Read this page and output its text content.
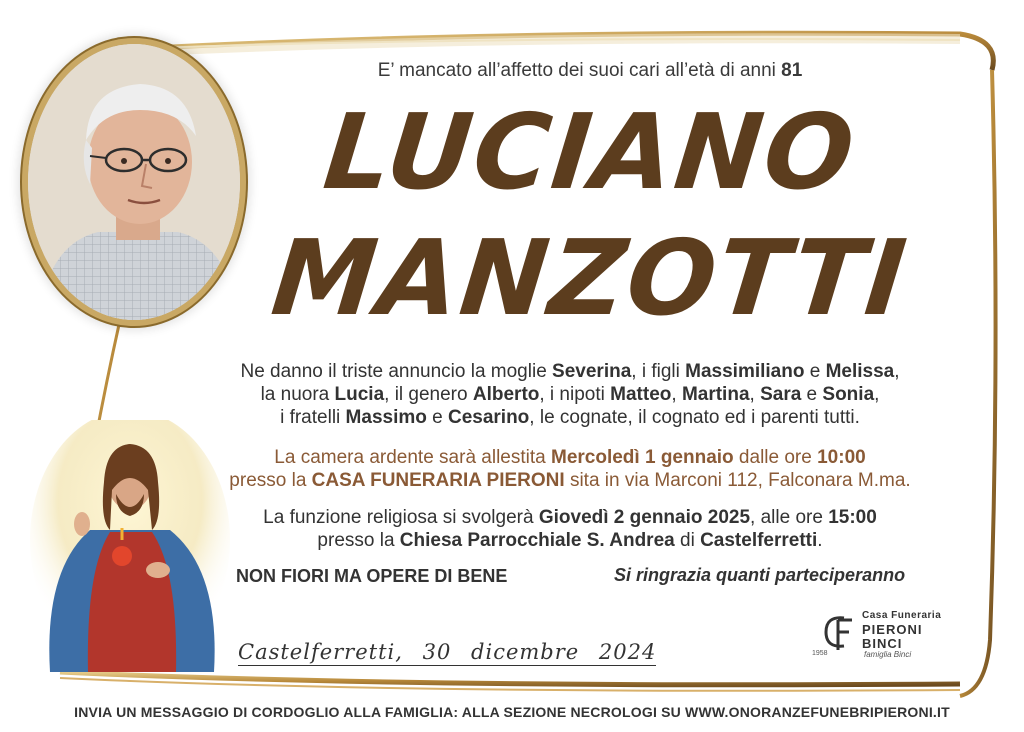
E’ mancato all’affetto dei suoi cari all’età di anni 81
LUCIANO
MANZOTTI
Ne danno il triste annuncio la moglie Severina, i figli Massimiliano e Melissa,
la nuora Lucia, il genero Alberto, i nipoti Matteo, Martina, Sara e Sonia,
i fratelli Massimo e Cesarino, le cognate, il cognato ed i parenti tutti.
La camera ardente sarà allestita Mercoledì 1 gennaio dalle ore 10:00
presso la CASA FUNERARIA PIERONI sita in via Marconi 112, Falconara M.ma.
La funzione religiosa si svolgerà Giovedì 2 gennaio 2025, alle ore 15:00
presso la Chiesa Parrocchiale S. Andrea di Castelferretti.
NON FIORI MA OPERE DI BENE	Si ringrazia quanti parteciperanno
Castelferretti, 30 dicembre 2024	1958
Casa Funeraria
PIERONI
BINCI
famiglia Binci
INVIA UN MESSAGGIO DI CORDOGLIO ALLA FAMIGLIA: ALLA SEZIONE NECROLOGI SU WWW.ONORANZEFUNEBRIPIERONI.IT
